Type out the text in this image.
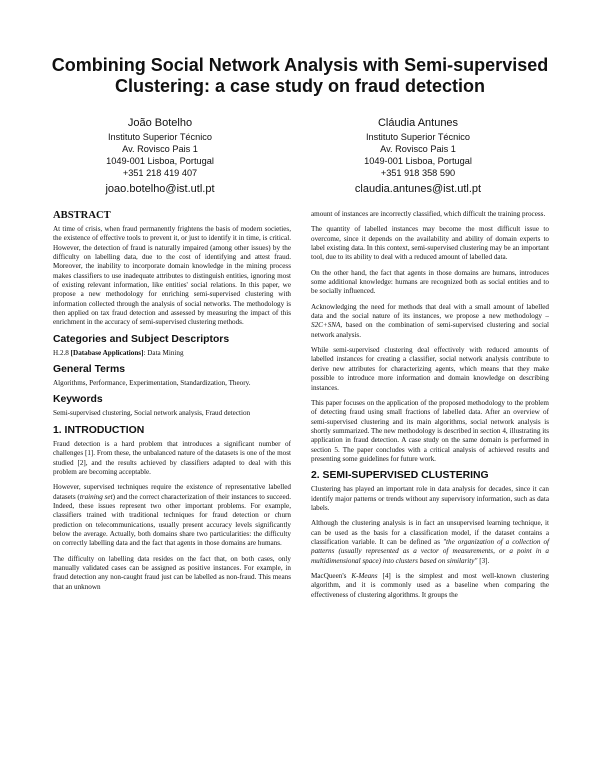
Combining Social Network Analysis with Semi-supervised
Clustering: a case study on fraud detection
João Botelho
Instituto Superior Técnico
Av. Rovisco Pais 1
1049-001 Lisboa, Portugal
+351 218 419 407
joao.botelho@ist.utl.pt
Cláudia Antunes
Instituto Superior Técnico
Av. Rovisco Pais 1
1049-001 Lisboa, Portugal
+351 918 358 590
claudia.antunes@ist.utl.pt
ABSTRACT

At time of crisis, when fraud permanently frightens the basis of modern societies, the existence of effective tools to prevent it, or just to identify it in time, is critical. However, the detection of fraud is naturally impaired (among other issues) by the difficulty on labelling data, due to the cost of identifying and attest fraud. Moreover, the inability to incorporate domain knowledge in the mining process makes classifiers to use inadequate attributes to distinguish entities, ignoring most of existing relevant information, like entities' social relations. In this paper, we propose a new methodology for enriching semi-supervised clustering with information collected through the analysis of social networks. The methodology is then applied on tax fraud detection and assessed by measuring the impact of this enrichment in the accuracy of semi-supervised clustering methods.

Categories and Subject Descriptors

H.2.8 [Database Applications]: Data Mining

General Terms

Algorithms, Performance, Experimentation, Standardization, Theory.

Keywords

Semi-supervised clustering, Social network analysis, Fraud detection

1. INTRODUCTION

Fraud detection is a hard problem that introduces a significant number of challenges [1]. From these, the unbalanced nature of the datasets is one of the most studied [2], and the results achieved by classifiers adapted to deal with this problem are becoming acceptable.

However, supervised techniques require the existence of representative labelled datasets (training set) and the correct characterization of their instances to succeed. Indeed, these issues represent two other important problems. For example, classifiers trained with traditional techniques for fraud detection or churn prediction on telecommunications, usually present accuracy levels significantly below the average. Actually, both domains share two particularities: the difficulty on correctly labelling data and the fact that agents in those domains are humans.

The difficulty on labelling data resides on the fact that, on both cases, only manually validated cases can be assigned as positive instances. For example, in fraud detection any non-caught fraud just can be labelled as non-fraud. This means that an unknown

amount of instances are incorrectly classified, which difficult the training process.

The quantity of labelled instances may become the most difficult issue to overcome, since it depends on the availability and ability of domain experts to label existing data. In this context, semi-supervised clustering may be an important tool, due to its ability to deal with a reduced amount of labelled data.

On the other hand, the fact that agents in those domains are humans, introduces some additional knowledge: humans are recognized both as social entities and to be socially influenced.

Acknowledging the need for methods that deal with a small amount of labelled data and the social nature of its instances, we propose a new methodology – S2C+SNA, based on the combination of semi-supervised clustering and social network analysis.

While semi-supervised clustering deal effectively with reduced amounts of labelled instances for creating a classifier, social network analysis contribute to derive new attributes for characterizing agents, which means that they make possible to introduce more information and domain knowledge on describing instances.

This paper focuses on the application of the proposed methodology to the problem of detecting fraud using small fractions of labelled data. After an overview of semi-supervised clustering and its main algorithms, social network analysis is shortly summarized. The new methodology is described in section 4, illustrating its application in fraud detection. A case study on the same domain is performed in section 5. The paper concludes with a critical analysis of achieved results and presenting some guidelines for future work.

2. SEMI-SUPERVISED CLUSTERING

Clustering has played an important role in data analysis for decades, since it can identify major patterns or trends without any supervisory information, such as data labels.

Although the clustering analysis is in fact an unsupervised learning technique, it can be used as the basis for a classification model, if the dataset contains a classification variable. It can be defined as "the organization of a collection of patterns (usually represented as a vector of measurements, or a point in a multidimensional space) into clusters based on similarity" [3].

MacQueen's K-Means [4] is the simplest and most well-known clustering algorithm, and it is commonly used as a baseline when comparing the effectiveness of clustering algorithms. It groups the
